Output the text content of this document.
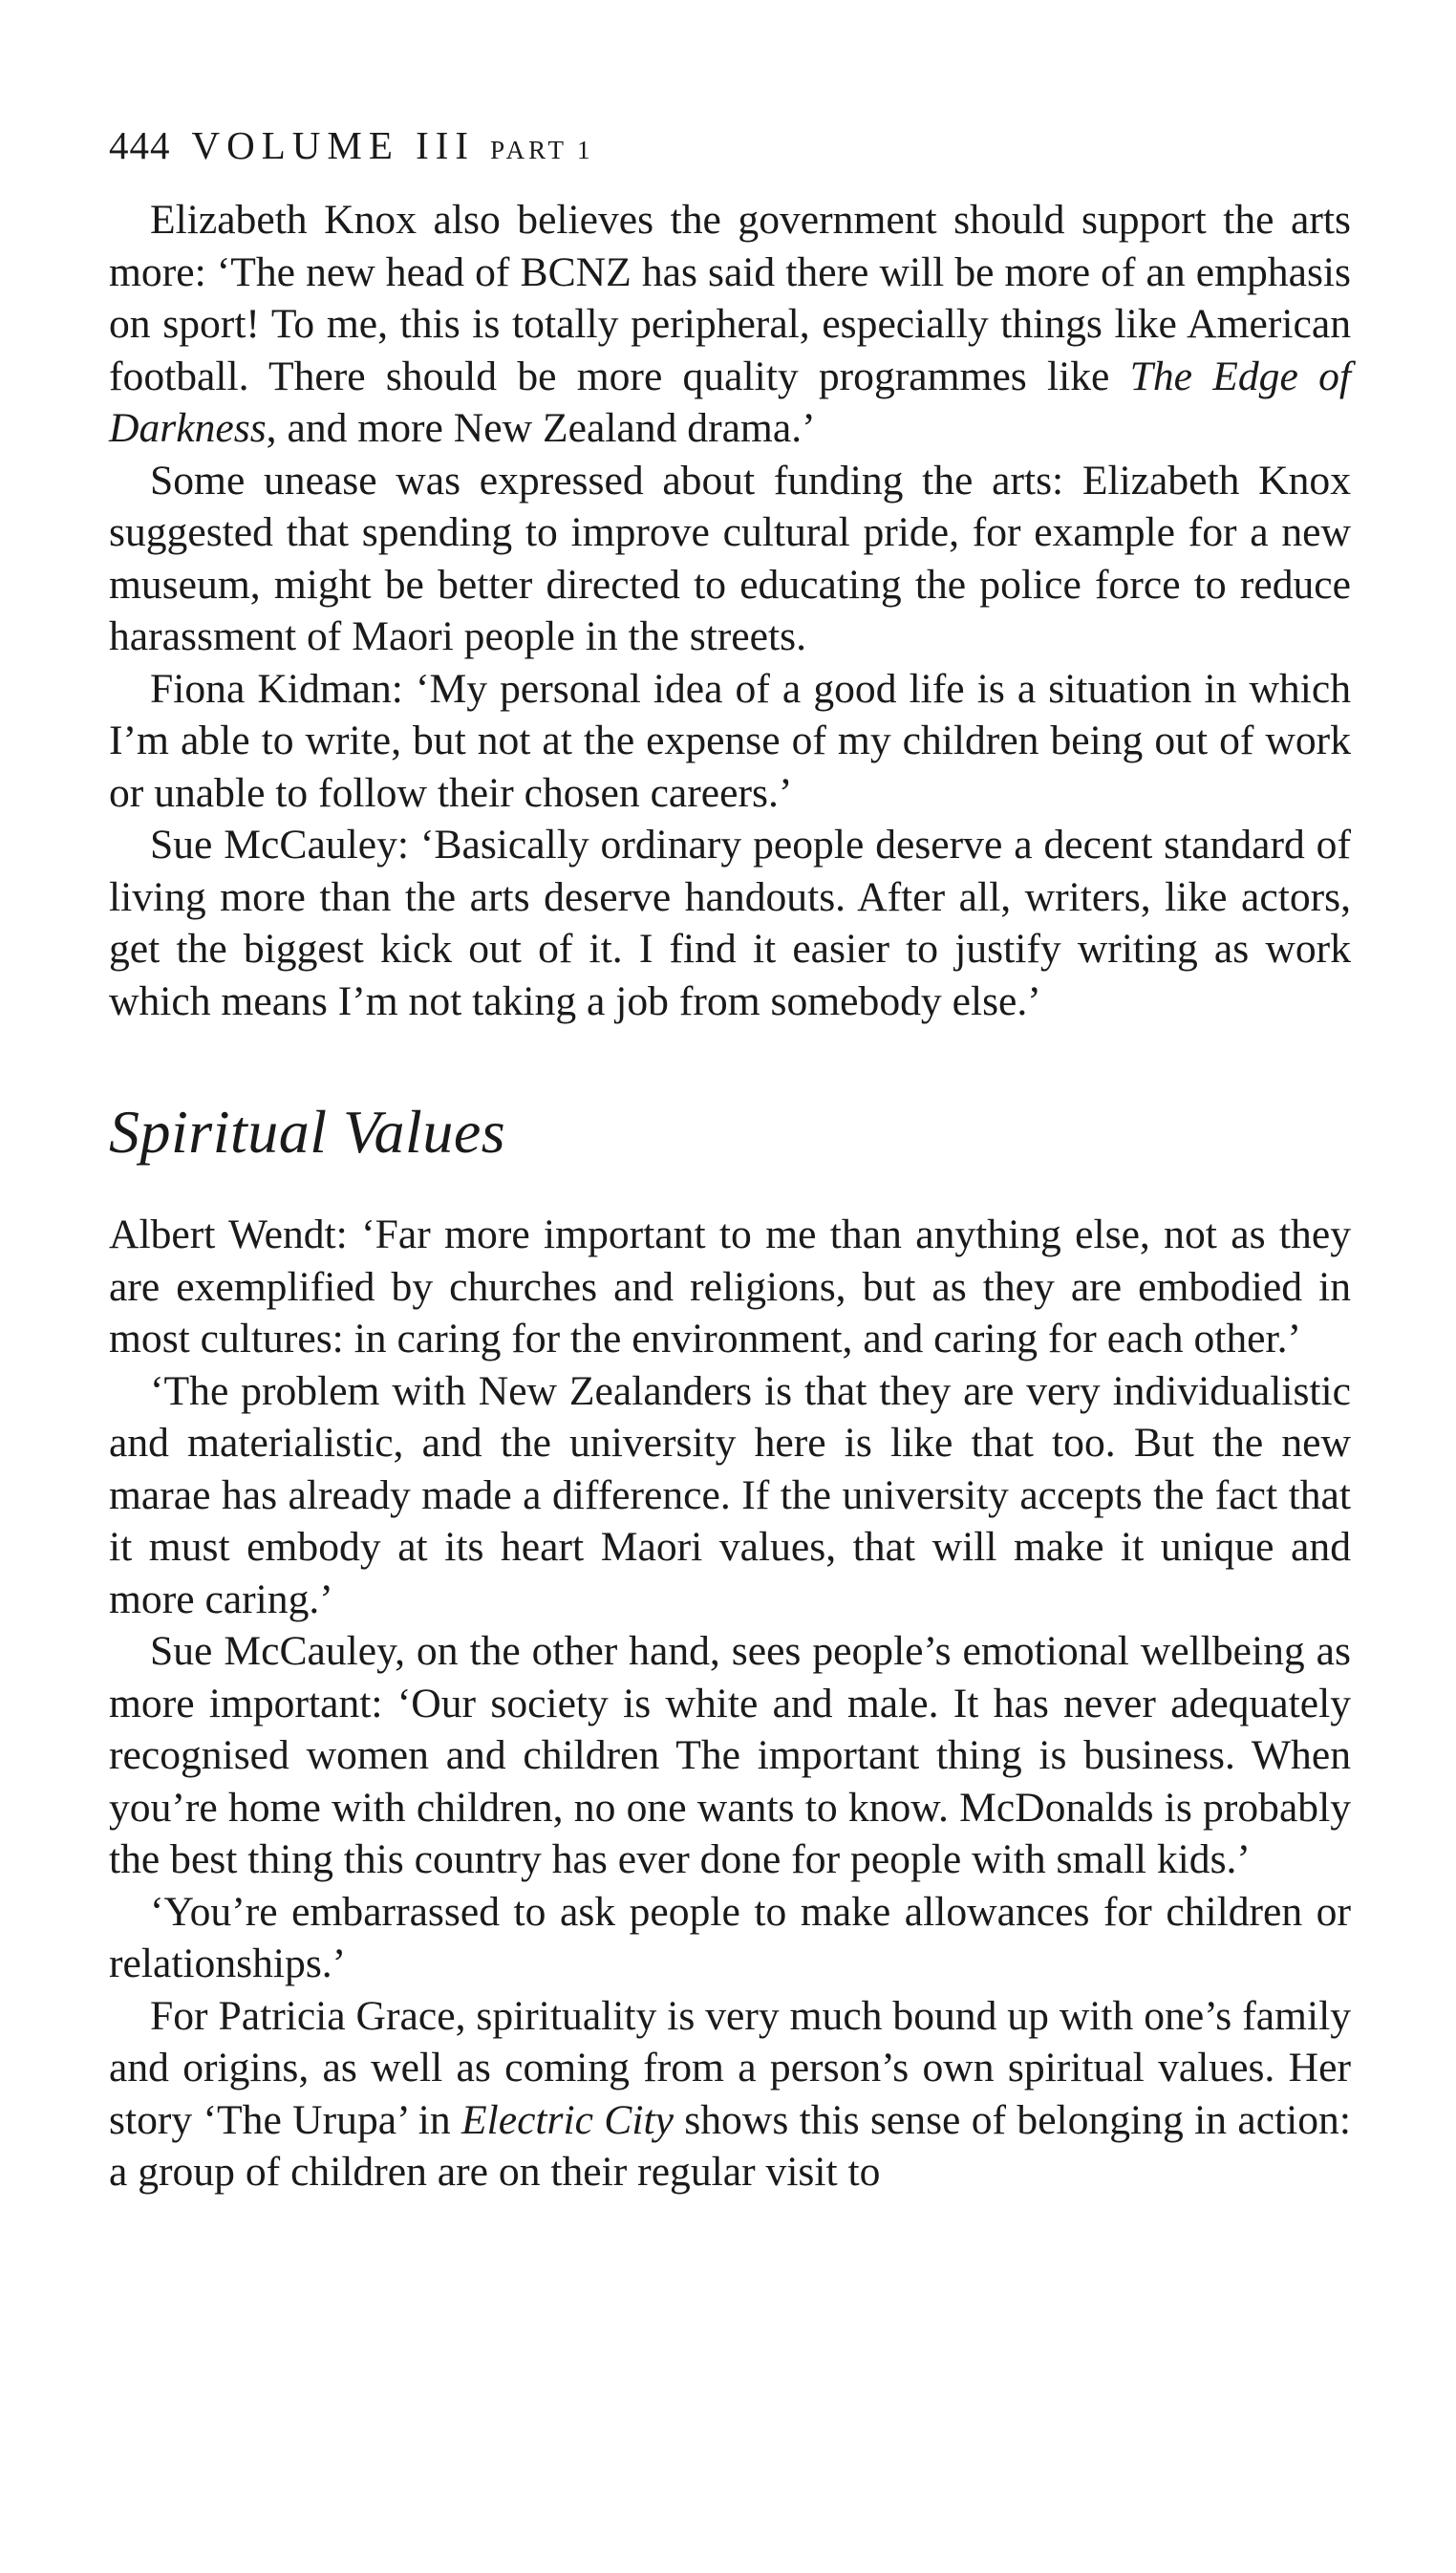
444 VOLUME III PART 1

Elizabeth Knox also believes the government should support the arts more: ‘The new head of BCNZ has said there will be more of an emphasis on sport! To me, this is totally peripheral, especially things like American football. There should be more quality programmes like The Edge of Darkness, and more New Zealand drama.’

Some unease was expressed about funding the arts: Elizabeth Knox suggested that spending to improve cultural pride, for example for a new museum, might be better directed to educating the police force to reduce harassment of Maori people in the streets.

Fiona Kidman: ‘My personal idea of a good life is a situation in which I’m able to write, but not at the expense of my children being out of work or unable to follow their chosen careers.’

Sue McCauley: ‘Basically ordinary people deserve a decent standard of living more than the arts deserve handouts. After all, writers, like actors, get the biggest kick out of it. I find it easier to justify writing as work which means I’m not taking a job from somebody else.’

Spiritual Values

Albert Wendt: ‘Far more important to me than anything else, not as they are exemplified by churches and religions, but as they are embodied in most cultures: in caring for the environment, and caring for each other.’

‘The problem with New Zealanders is that they are very individualistic and materialistic, and the university here is like that too. But the new marae has already made a difference. If the university accepts the fact that it must embody at its heart Maori values, that will make it unique and more caring.’

Sue McCauley, on the other hand, sees people’s emotional wellbeing as more important: ‘Our society is white and male. It has never adequately recognised women and children The important thing is business. When you’re home with children, no one wants to know. McDonalds is probably the best thing this country has ever done for people with small kids.’

‘You’re embarrassed to ask people to make allowances for children or relationships.’

For Patricia Grace, spirituality is very much bound up with one’s family and origins, as well as coming from a person’s own spiritual values. Her story ‘The Urupa’ in Electric City shows this sense of belonging in action: a group of children are on their regular visit to
